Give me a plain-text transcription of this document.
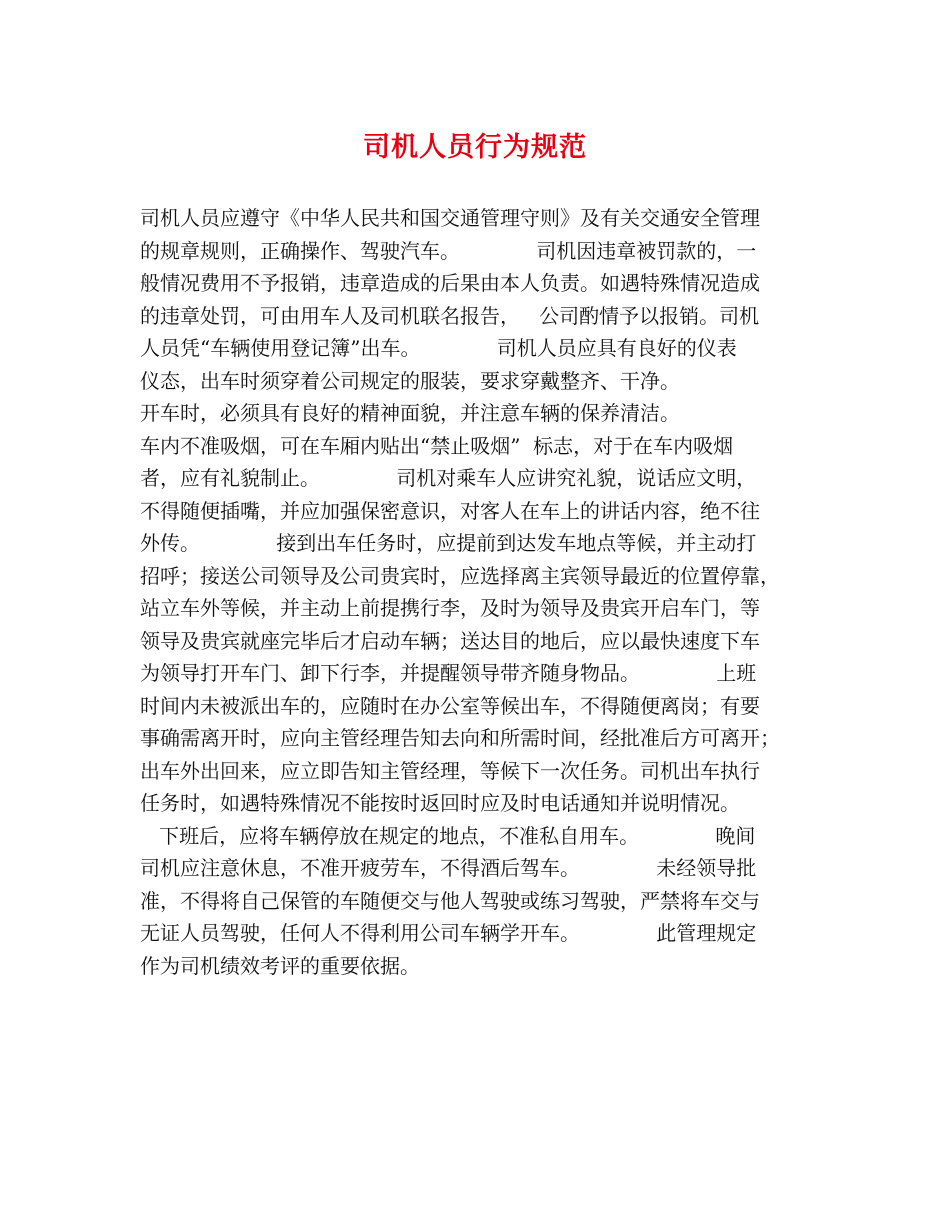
司机人员行为规范
司机人员应遵守《中华人民共和国交通管理守则》及有关交通安全管理
的规章规则，正确操作、驾驶汽车。            司机因违章被罚款的，一
般情况费用不予报销，违章造成的后果由本人负责。如遇特殊情况造成
的违章处罚，可由用车人及司机联名报告，   公司酌情予以报销。司机
人员凭“车辆使用登记簿”出车。            司机人员应具有良好的仪表
仪态，出车时须穿着公司规定的服装，要求穿戴整齐、干净。
开车时，必须具有良好的精神面貌，并注意车辆的保养清洁。
车内不准吸烟，可在车厢内贴出“禁止吸烟”  标志，对于在车内吸烟
者，应有礼貌制止。            司机对乘车人应讲究礼貌，说话应文明，
不得随便插嘴，并应加强保密意识，对客人在车上的讲话内容，绝不往
外传。            接到出车任务时，应提前到达发车地点等候，并主动打
招呼；接送公司领导及公司贵宾时，应选择离主宾领导最近的位置停靠，
站立车外等候，并主动上前提携行李，及时为领导及贵宾开启车门，等
领导及贵宾就座完毕后才启动车辆；送达目的地后，应以最快速度下车
为领导打开车门、卸下行李，并提醒领导带齐随身物品。            上班
时间内未被派出车的，应随时在办公室等候出车，不得随便离岗；有要
事确需离开时，应向主管经理告知去向和所需时间，经批准后方可离开；
出车外出回来，应立即告知主管经理，等候下一次任务。司机出车执行
任务时，如遇特殊情况不能按时返回时应及时电话通知并说明情况。
下班后，应将车辆停放在规定的地点，不准私自用车。            晚间
司机应注意休息，不准开疲劳车，不得酒后驾车。            未经领导批
准，不得将自己保管的车随便交与他人驾驶或练习驾驶，严禁将车交与
无证人员驾驶，任何人不得利用公司车辆学开车。            此管理规定
作为司机绩效考评的重要依据。
